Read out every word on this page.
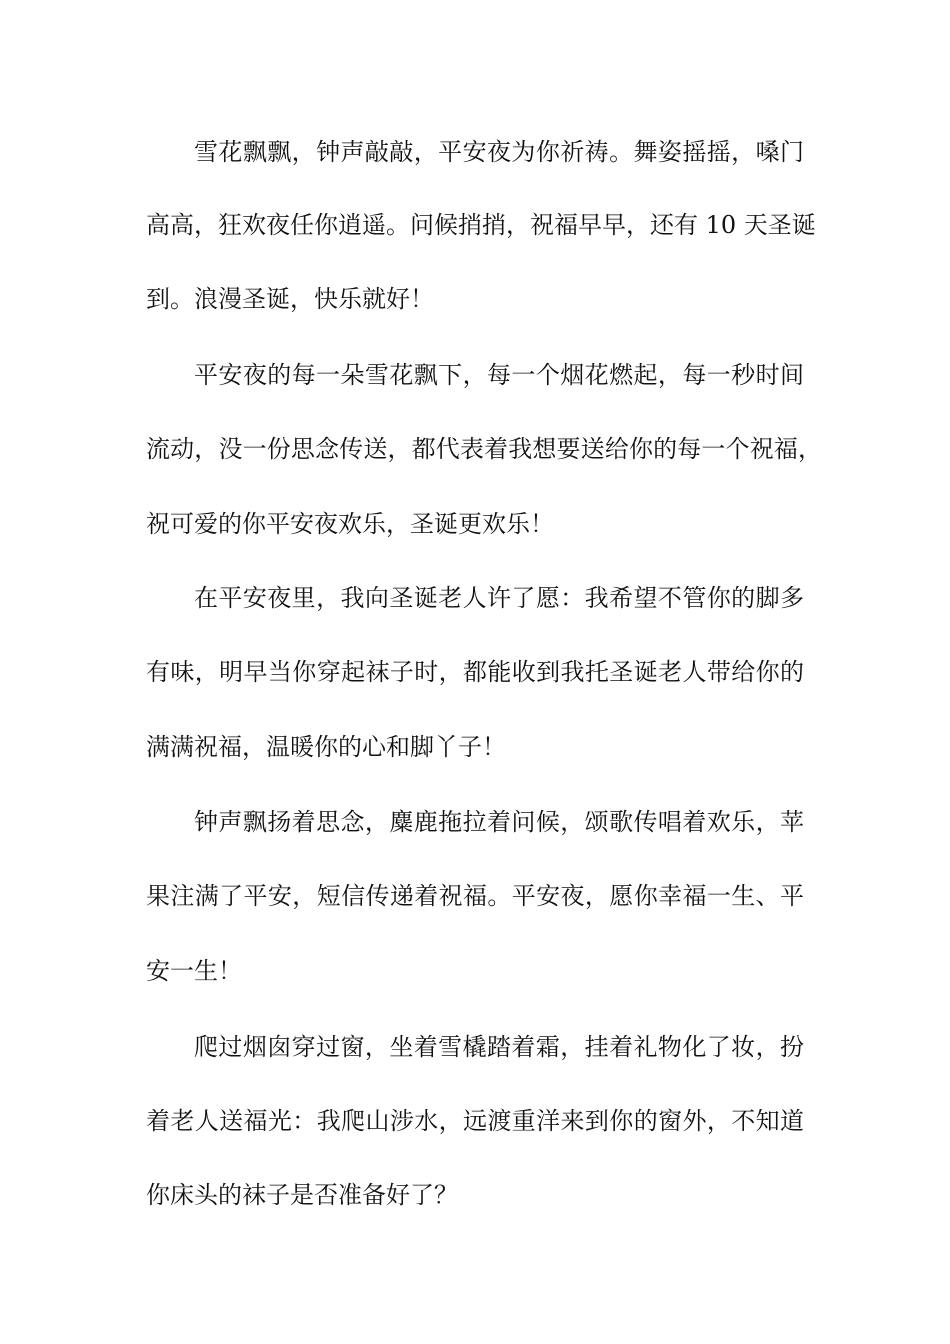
雪花飘飘，钟声敲敲，平安夜为你祈祷。舞姿摇摇，嗓门
高高，狂欢夜任你逍遥。问候捎捎，祝福早早，还有 10 天圣诞
到。浪漫圣诞，快乐就好！
平安夜的每一朵雪花飘下，每一个烟花燃起，每一秒时间
流动，没一份思念传送，都代表着我想要送给你的每一个祝福，
祝可爱的你平安夜欢乐，圣诞更欢乐！
在平安夜里，我向圣诞老人许了愿：我希望不管你的脚多
有味，明早当你穿起袜子时，都能收到我托圣诞老人带给你的
满满祝福，温暖你的心和脚丫子！
钟声飘扬着思念，麋鹿拖拉着问候，颂歌传唱着欢乐，苹
果注满了平安，短信传递着祝福。平安夜，愿你幸福一生、平
安一生！
爬过烟囱穿过窗，坐着雪橇踏着霜，挂着礼物化了妆，扮
着老人送福光：我爬山涉水，远渡重洋来到你的窗外，不知道
你床头的袜子是否准备好了？
